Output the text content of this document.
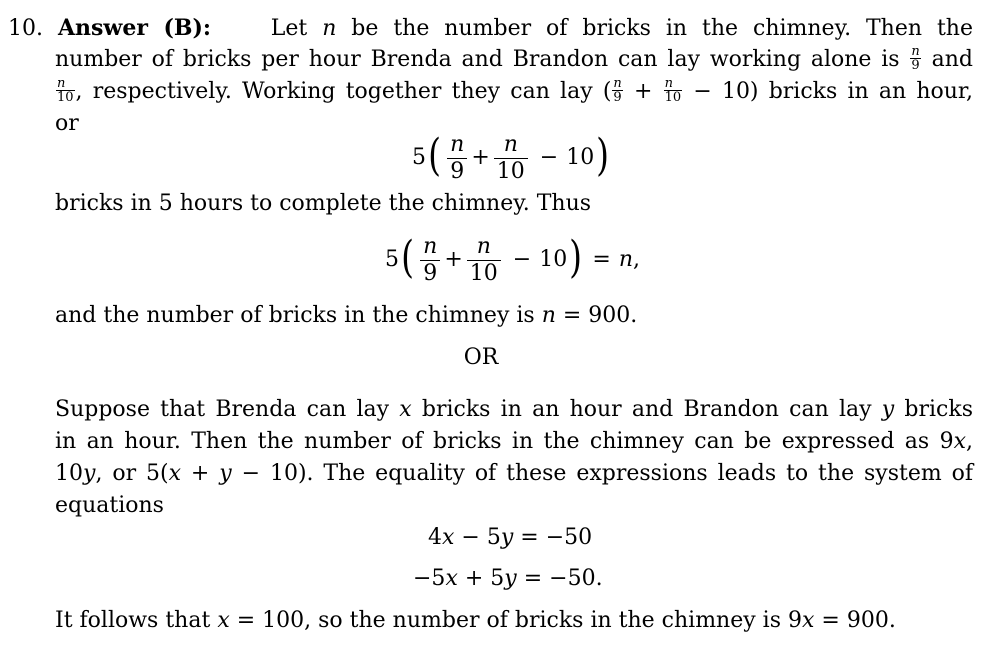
10. Answer (B):	Let n be the number of bricks in the chimney. Then the
number of bricks per hour Brenda and Brandon can lay working alone is $\frac{n}{9}$ and
$\frac{n}{10}$ , respectively. Working together they can lay ( $\frac{n}{9} + \frac{n}{10} - 10$) bricks in an hour,
or
$5( \frac{n}{9} + \frac{n}{10} - 10)$
bricks in 5 hours to complete the chimney. Thus
$5( \frac{n}{9} + \frac{n}{10} - 10) = n$,
and the number of bricks in the chimney is n = 900.
OR
Suppose that Brenda can lay x bricks in an hour and Brandon can lay y bricks
in an hour. Then the number of bricks in the chimney can be expressed as 9x,
10y, or 5(x + y − 10). The equality of these expressions leads to the system of
equations
4x − 5y = −50
−5x + 5y = −50.
It follows that x = 100, so the number of bricks in the chimney is 9x = 900.
